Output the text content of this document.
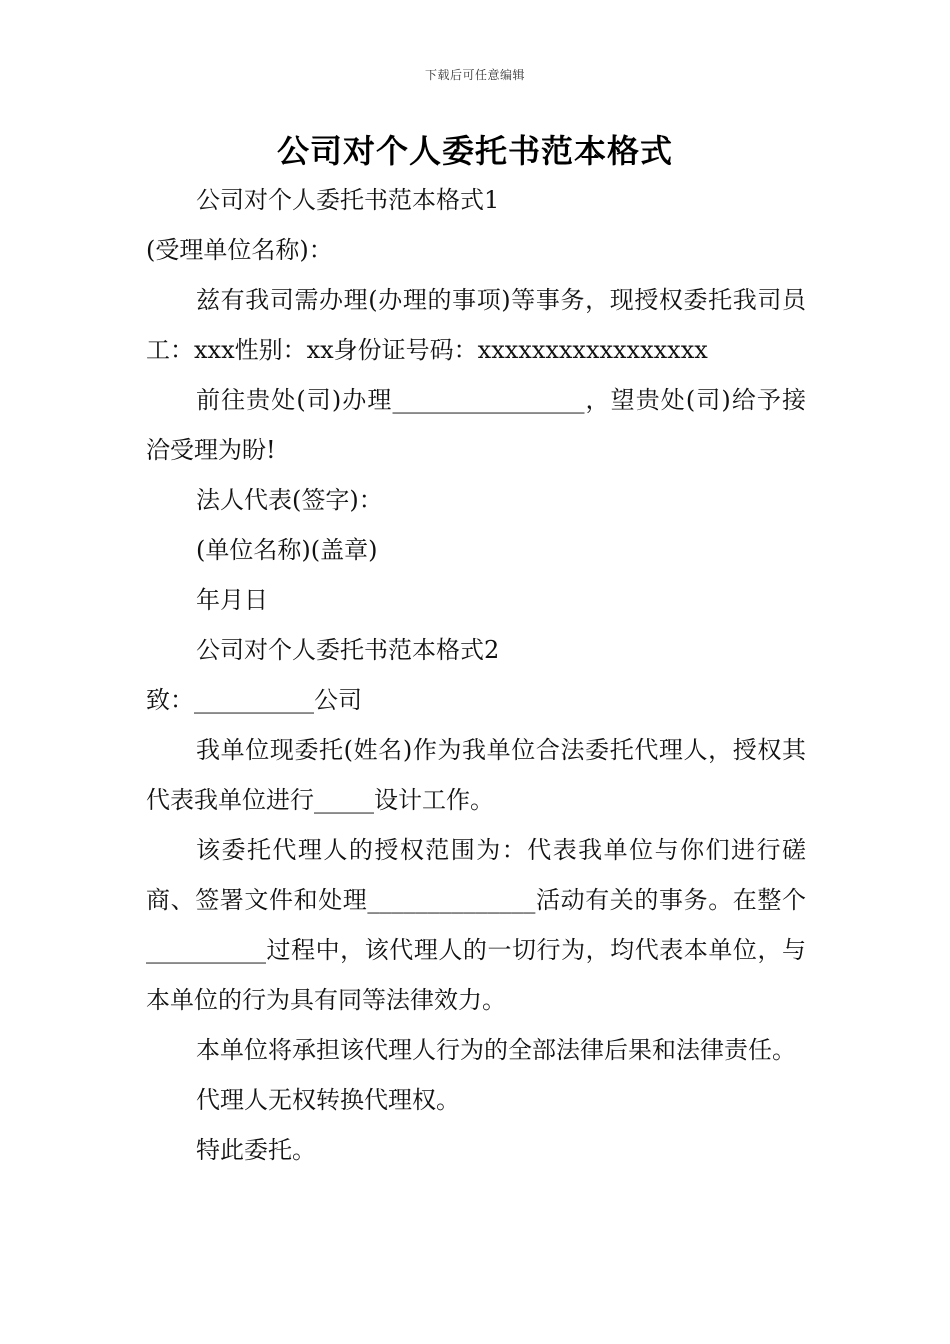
下载后可任意编辑
公司对个人委托书范本格式

公司对个人委托书范本格式1

(受理单位名称)：

兹有我司需办理(办理的事项)等事务，现授权委托我司员工：xxx性别：xx身份证号码：xxxxxxxxxxxxxxxxx

前往贵处(司)办理________________，望贵处(司)给予接洽受理为盼!

法人代表(签字)：

(单位名称)(盖章)

年月日

公司对个人委托书范本格式2

致：__________公司

我单位现委托(姓名)作为我单位合法委托代理人，授权其代表我单位进行_____设计工作。

该委托代理人的授权范围为：代表我单位与你们进行磋商、签署文件和处理______________活动有关的事务。在整个__________过程中，该代理人的一切行为，均代表本单位，与本单位的行为具有同等法律效力。

本单位将承担该代理人行为的全部法律后果和法律责任。

代理人无权转换代理权。

特此委托。
